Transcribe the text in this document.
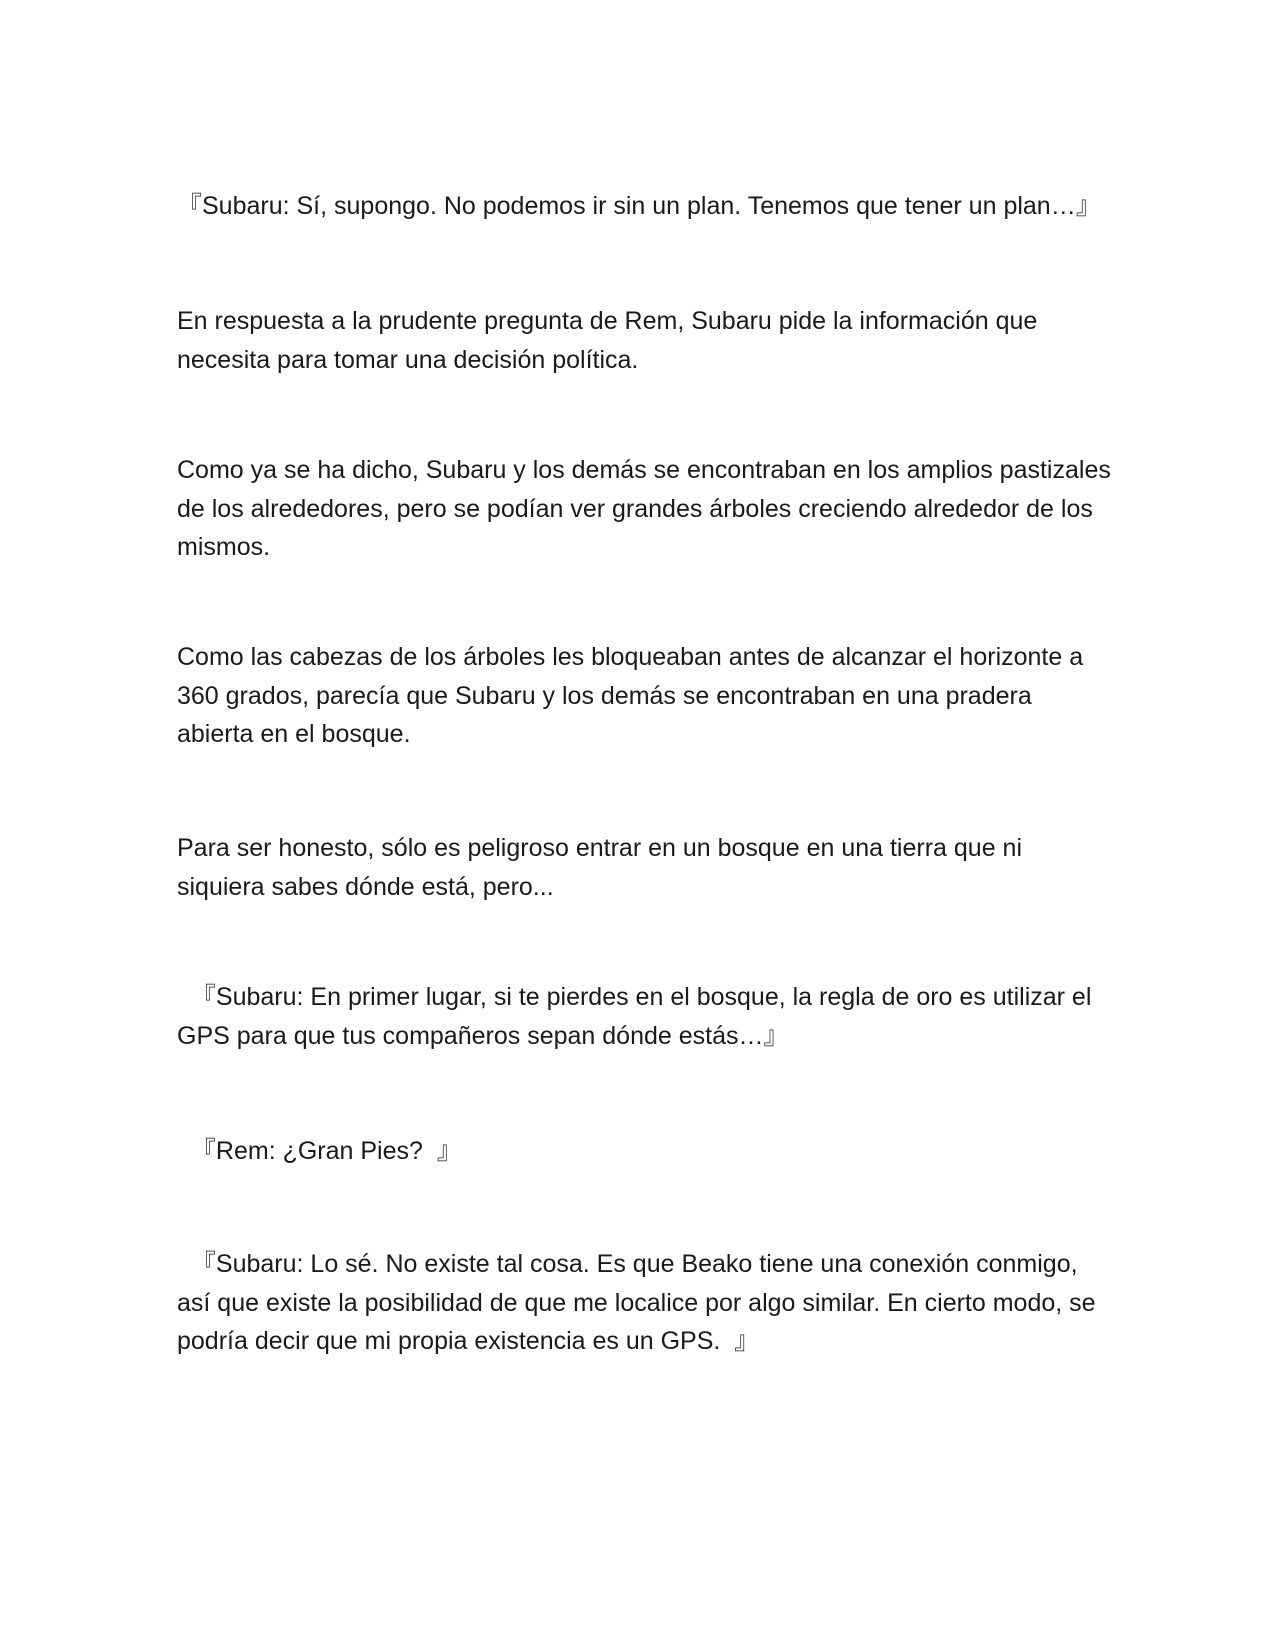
『Subaru: Sí, supongo. No podemos ir sin un plan. Tenemos que tener un plan…』

En respuesta a la prudente pregunta de Rem, Subaru pide la información que necesita para tomar una decisión política.

Como ya se ha dicho, Subaru y los demás se encontraban en los amplios pastizales de los alrededores, pero se podían ver grandes árboles creciendo alrededor de los mismos.

Como las cabezas de los árboles les bloqueaban antes de alcanzar el horizonte a 360 grados, parecía que Subaru y los demás se encontraban en una pradera abierta en el bosque.

Para ser honesto, sólo es peligroso entrar en un bosque en una tierra que ni siquiera sabes dónde está, pero...

『Subaru: En primer lugar, si te pierdes en el bosque, la regla de oro es utilizar el GPS para que tus compañeros sepan dónde estás…』

『Rem: ¿Gran Pies?  』

『Subaru: Lo sé. No existe tal cosa. Es que Beako tiene una conexión conmigo, así que existe la posibilidad de que me localice por algo similar. En cierto modo, se podría decir que mi propia existencia es un GPS.  』
